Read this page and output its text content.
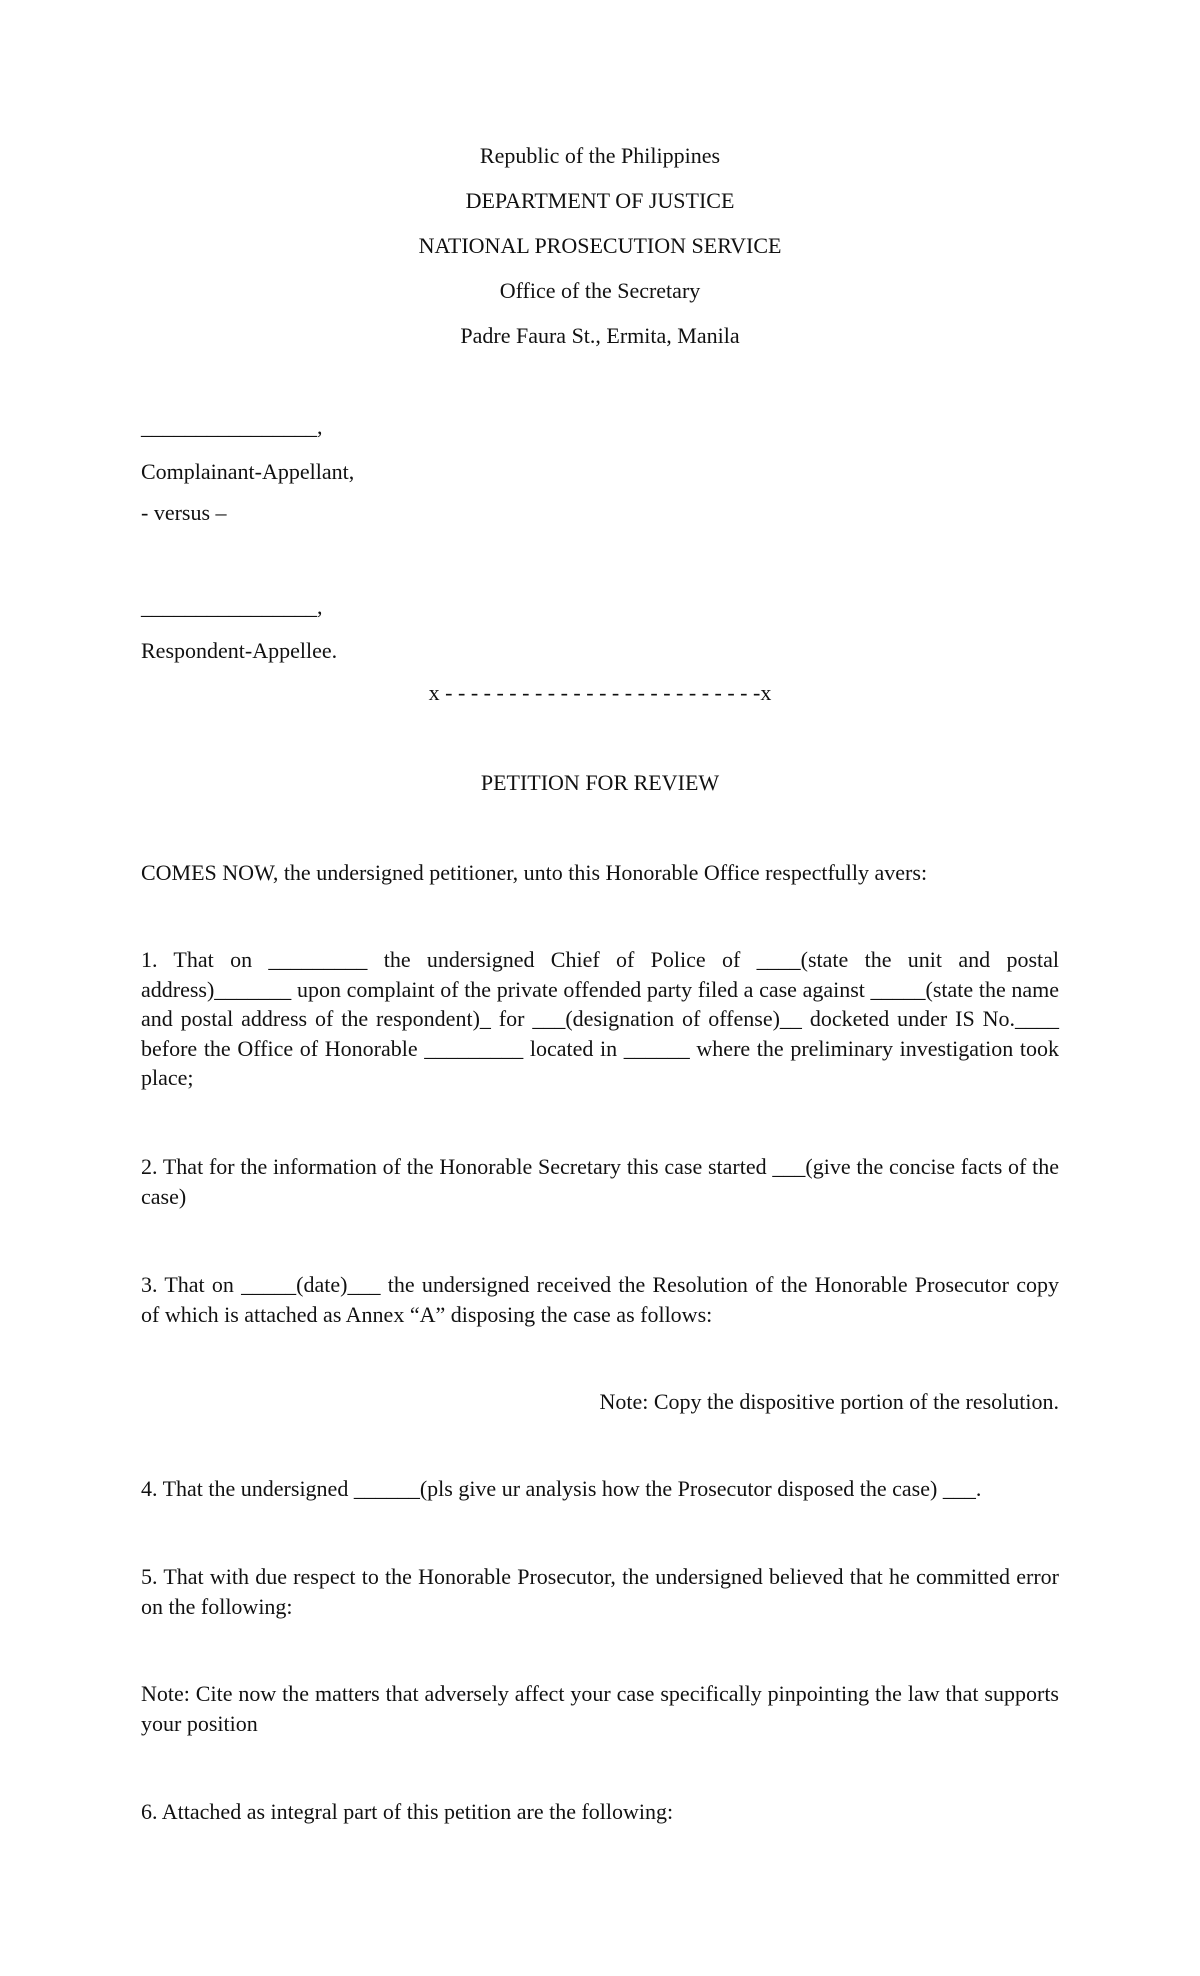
Republic of the Philippines
DEPARTMENT OF JUSTICE
NATIONAL PROSECUTION SERVICE
Office of the Secretary
Padre Faura St., Ermita, Manila
________________,
Complainant-Appellant,
- versus –
________________,
Respondent-Appellee.
x - - - - - - - - - - - - - - - - - - - - - - - - -x
PETITION FOR REVIEW
COMES NOW, the undersigned petitioner, unto this Honorable Office respectfully avers:
1. That on _________ the undersigned Chief of Police of ____(state the unit and postal address)_______ upon complaint of the private offended party filed a case against _____(state the name and postal address of the respondent)_ for ___(designation of offense)__ docketed under IS No.____ before the Office of Honorable _________ located in ______ where the preliminary investigation took place;
2. That for the information of the Honorable Secretary this case started ___(give the concise facts of the case)
3. That on _____(date)___ the undersigned received the Resolution of the Honorable Prosecutor copy of which is attached as Annex “A” disposing the case as follows:
Note: Copy the dispositive portion of the resolution.
4. That the undersigned ______(pls give ur analysis how the Prosecutor disposed the case) ___.
5. That with due respect to the Honorable Prosecutor, the undersigned believed that he committed error on the following:
Note: Cite now the matters that adversely affect your case specifically pinpointing the law that supports your position
6. Attached as integral part of this petition are the following:
